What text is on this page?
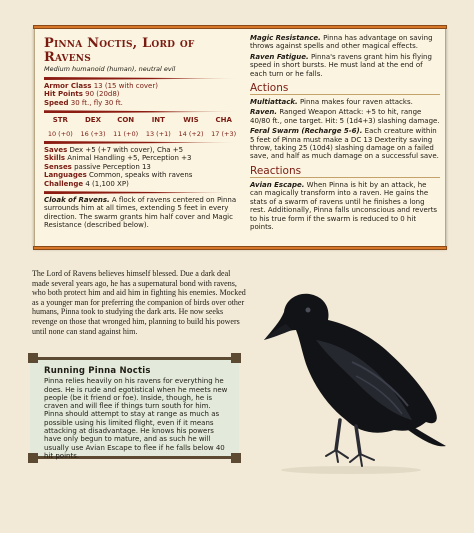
Pinna Noctis, Lord of Ravens
Medium humanoid (human), neutral evil
Armor Class 13 (15 with cover)
Hit Points 90 (20d8)
Speed 30 ft., fly 30 ft.
STR	DEX	CON	INT	WIS	CHA
10 (+0)	16 (+3)	11 (+0)	13 (+1)	14 (+2)	17 (+3)
Saves Dex +5 (+7 with cover), Cha +5
Skills Animal Handling +5, Perception +3
Senses passive Perception 13
Languages Common, speaks with ravens
Challenge 4 (1,100 XP)
Cloak of Ravens. A flock of ravens centered on Pinna surrounds him at all times, extending 5 feet in every direction. The swarm grants him half cover and Magic Resistance (described below).
Magic Resistance. Pinna has advantage on saving throws against spells and other magical effects.
Raven Fatigue. Pinna's ravens grant him his flying speed in short bursts. He must land at the end of each turn or he falls.
Actions
Multiattack. Pinna makes four raven attacks.
Raven. Ranged Weapon Attack: +5 to hit, range 40/80 ft., one target. Hit: 5 (1d4+3) slashing damage.
Feral Swarm (Recharge 5-6). Each creature within 5 feet of Pinna must make a DC 13 Dexterity saving throw, taking 25 (10d4) slashing damage on a failed save, and half as much damage on a successful save.
Reactions
Avian Escape. When Pinna is hit by an attack, he can magically transform into a raven. He gains the stats of a swarm of ravens until he finishes a long rest. Additionally, Pinna falls unconscious and reverts to his true form if the swarm is reduced to 0 hit points.
The Lord of Ravens believes himself blessed. Due a dark deal made several years ago, he has a supernatural bond with ravens, who both protect him and aid him in fighting his enemies. Mocked as a younger man for preferring the companion of birds over other humans, Pinna took to studying the dark arts. He now seeks revenge on those that wronged him, planning to build his powers until none can stand against him.
Running Pinna Noctis
Pinna relies heavily on his ravens for everything he does. He is rude and egotistical when he meets new people (be it friend or foe). Inside, though, he is craven and will flee if things turn south for him. Pinna should attempt to stay at range as much as possible using his limited flight, even if it means attacking at disadvantage. He knows his powers have only begun to mature, and as such he will usually use Avian Escape to flee if he falls below 40 hit points.
